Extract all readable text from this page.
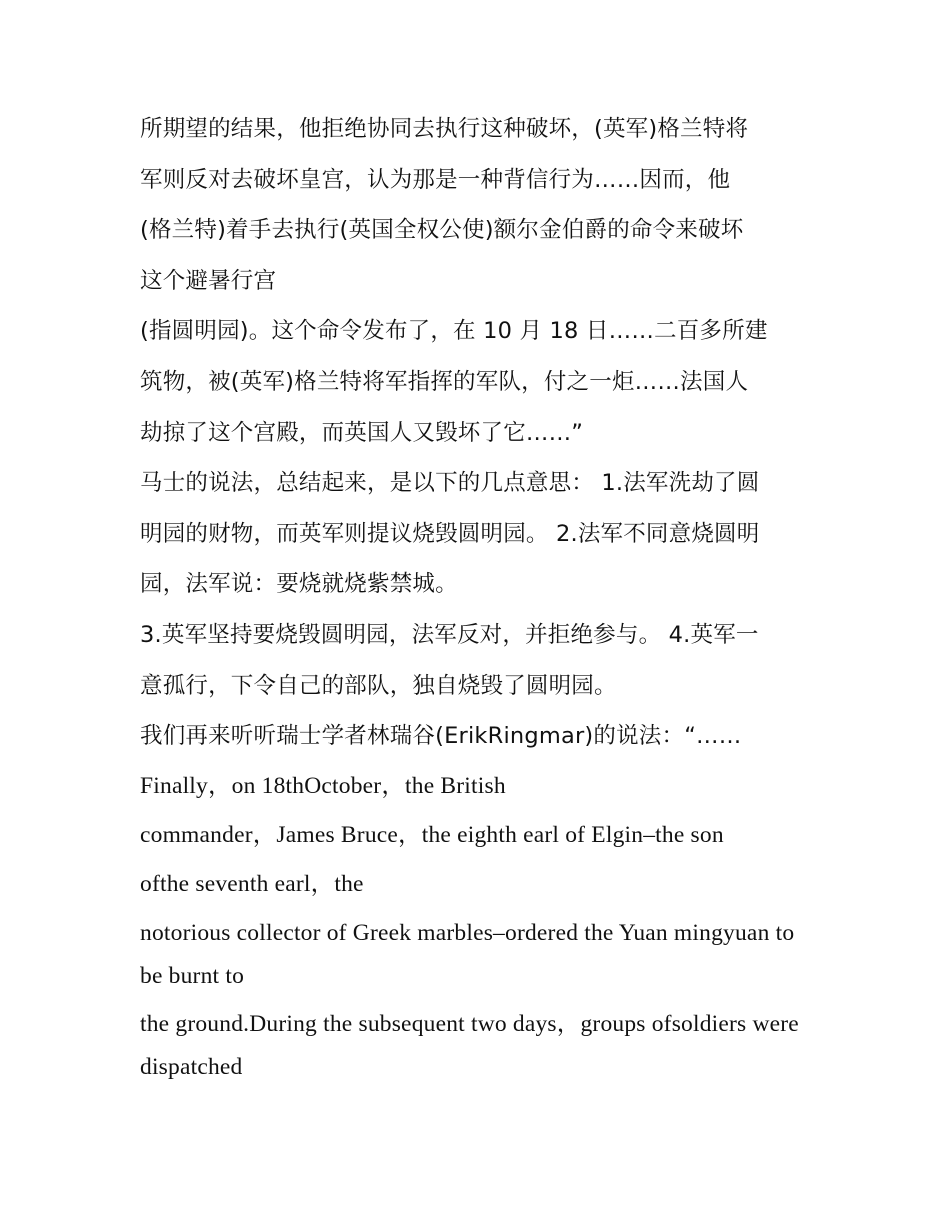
所期望的结果，他拒绝协同去执行这种破坏，(英军)格兰特将
军则反对去破坏皇宫，认为那是一种背信行为……因而，他
(格兰特)着手去执行(英国全权公使)额尔金伯爵的命令来破坏
这个避暑行宫
(指圆明园)。这个命令发布了，在 10 月 18 日……二百多所建
筑物，被(英军)格兰特将军指挥的军队，付之一炬……法国人
劫掠了这个宫殿，而英国人又毁坏了它……”
马士的说法，总结起来，是以下的几点意思： 1.法军洗劫了圆
明园的财物，而英军则提议烧毁圆明园。 2.法军不同意烧圆明
园，法军说：要烧就烧紫禁城。
3.英军坚持要烧毁圆明园，法军反对，并拒绝参与。 4.英军一
意孤行，下令自己的部队，独自烧毁了圆明园。
我们再来听听瑞士学者林瑞谷(ErikRingmar)的说法：“……
Finally，on 18thOctober，the British
commander，James Bruce，the eighth earl of Elgin–the son
ofthe seventh earl，the
notorious collector of Greek marbles–ordered the Yuan mingyuan to be burnt to
the ground.During the subsequent two days，groups ofsoldiers were dispatched
